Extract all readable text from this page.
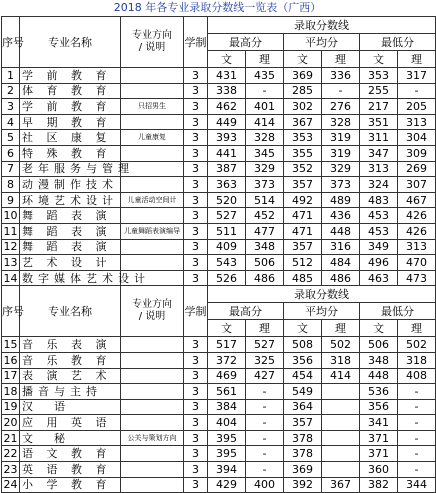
2018 年各专业录取分数线一览表（广西）
序号	专业名称	专业方向
/ 说明	学制	录取分数线					
				最高分		平均分		最低分	
				文	理	文	理	文	理
1	学 前 教 育		3	431	435	369	336	353	317
2	体 育 教 育		3	338	-	285	-	255	-
3	学 前 教 育	只招男生	3	462	401	302	276	217	205
4	早 期 教 育		3	449	414	367	328	351	313
5	社 区 康 复	儿童康复	3	393	328	353	319	311	304
6	特 殊 教 育		3	441	345	355	319	347	309
7	老年服务与管理		3	387	329	352	329	313	269
8	动漫制作技术		3	363	373	357	373	324	307
9	环境艺术设计	儿童活动空间计	3	520	514	492	489	483	467
10	舞 蹈 表 演		3	527	452	471	436	453	426
11	舞 蹈 表 演	儿童舞蹈表演编导	3	511	477	471	448	453	426
12	舞 蹈 表 演		3	409	348	357	316	349	313
13	艺 术 设 计		3	543	506	512	484	496	470
14	数字媒体艺术设计		3	526	486	485	486	463	473
序号	专业名称	专业方向
/ 说明	学制	录取分数线					
				最高分		平均分		最低分	
				文	理	文	理	文	理
15	音 乐 表 演		3	517	527	508	502	506	502
16	音 乐 教 育		3	372	325	356	318	348	318
17	表 演 艺 术		3	469	427	454	414	448	408
18	播音与主持		3	561	-	549		536	-
19	汉　语		3	384	-	364		356	-
20	应 用 英 语		3	404	-	357		341	-
21	文　秘	公关与策划方向	3	395	-	378		371	-
22	语 文 教 育		3	395	-	378		371	-
23	英 语 教 育		3	394	-	369		360	-
24	小 学 教 育		3	429	400	392	367	382	344
